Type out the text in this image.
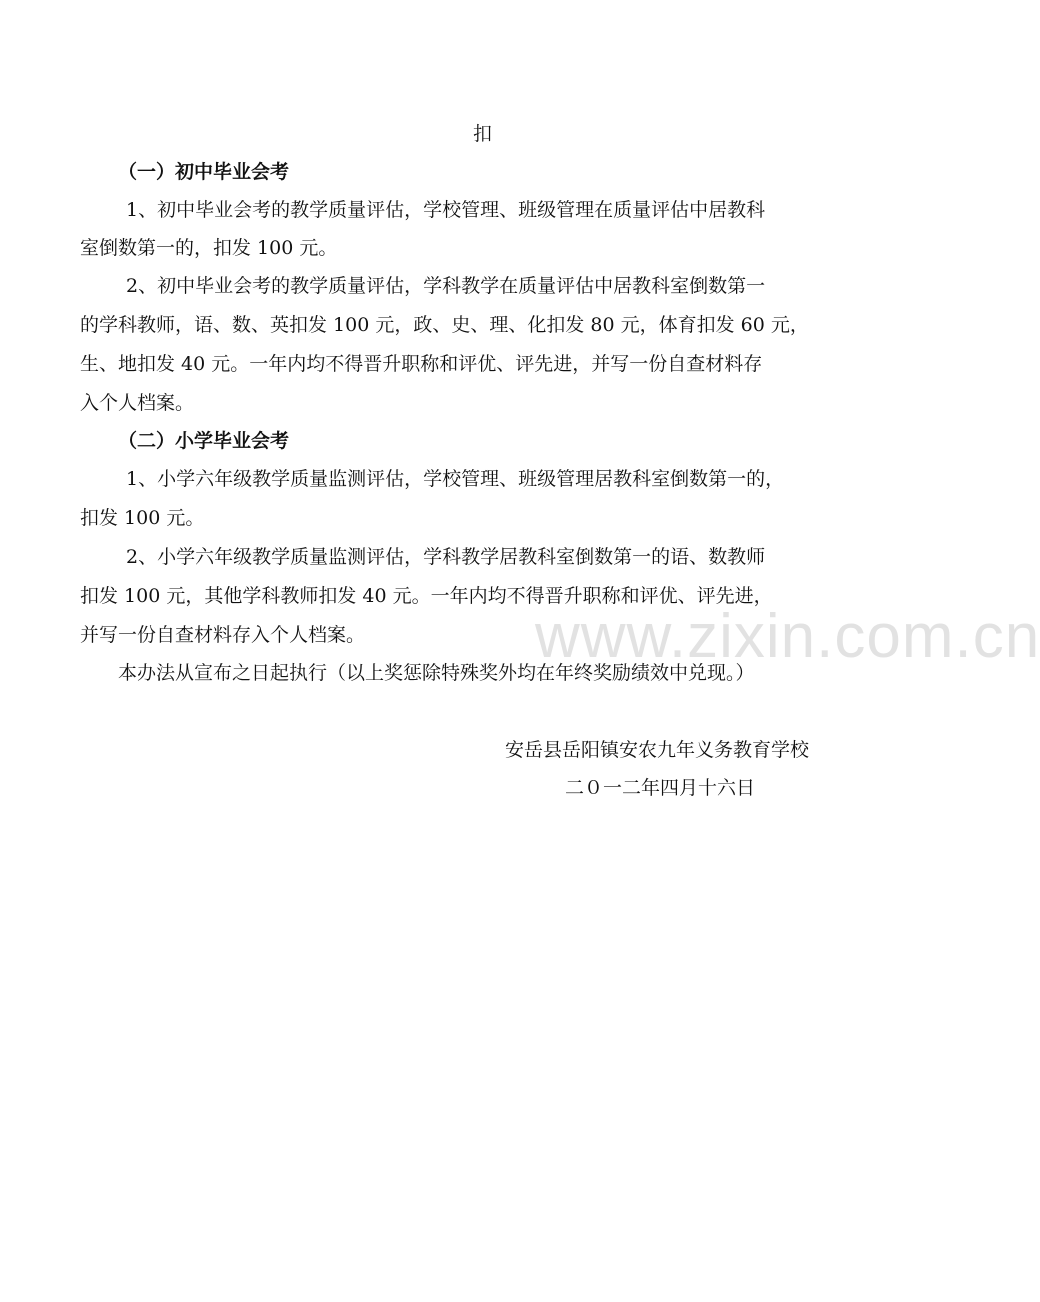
扣
（一）初中毕业会考
1、初中毕业会考的教学质量评估，学校管理、班级管理在质量评估中居教科
室倒数第一的，扣发 100 元。
2、初中毕业会考的教学质量评估，学科教学在质量评估中居教科室倒数第一
的学科教师，语、数、英扣发 100 元，政、史、理、化扣发 80 元，体育扣发 60 元，
生、地扣发 40 元。一年内均不得晋升职称和评优、评先进，并写一份自查材料存
入个人档案。
（二）小学毕业会考
1、小学六年级教学质量监测评估，学校管理、班级管理居教科室倒数第一的，
扣发 100 元。
2、小学六年级教学质量监测评估，学科教学居教科室倒数第一的语、数教师
扣发 100 元，其他学科教师扣发 40 元。一年内均不得晋升职称和评优、评先进，
并写一份自查材料存入个人档案。
本办法从宣布之日起执行（以上奖惩除特殊奖外均在年终奖励绩效中兑现。）
安岳县岳阳镇安农九年义务教育学校
二０一二年四月十六日
www.zixin.com.cn
